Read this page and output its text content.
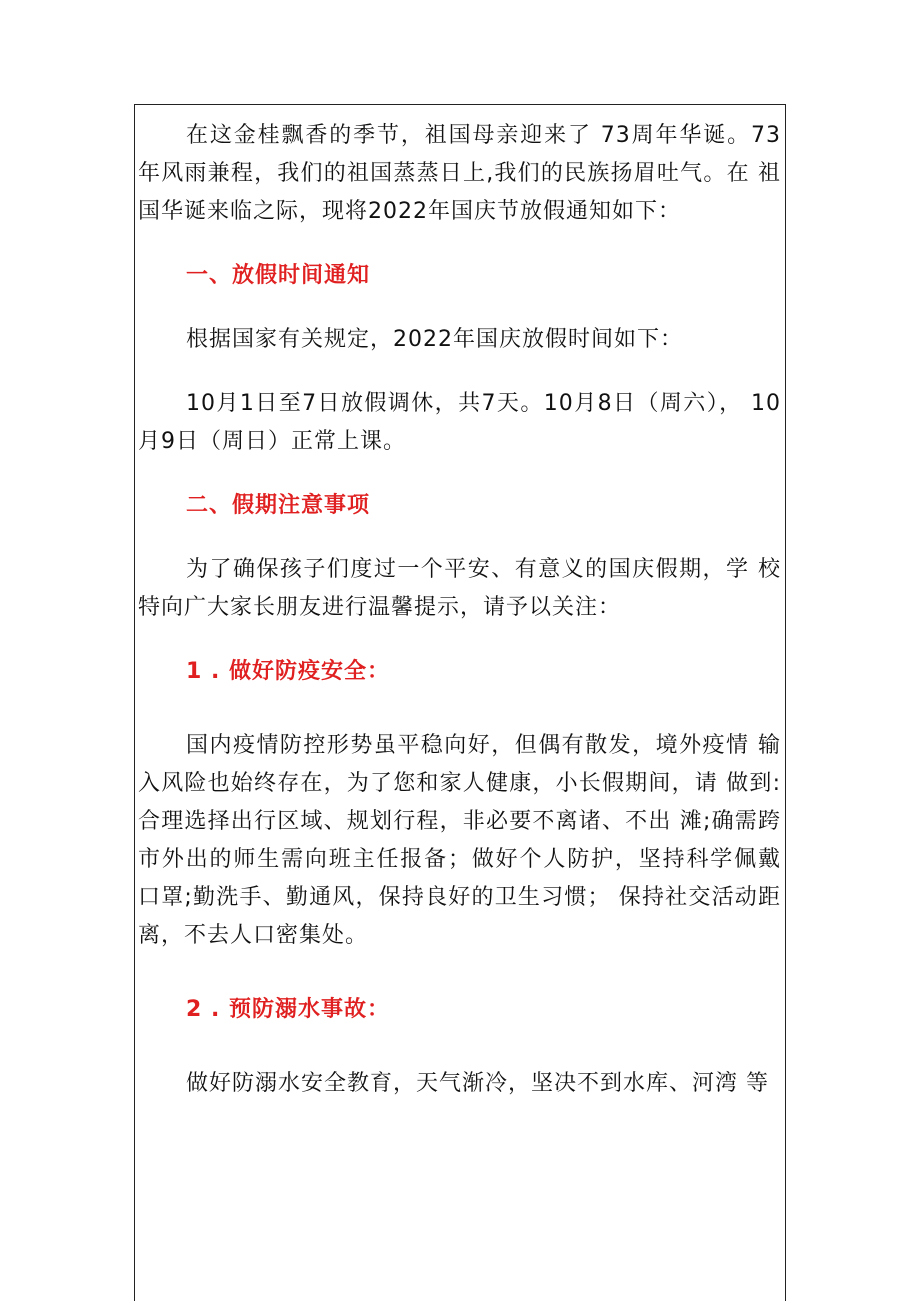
在这金桂飘香的季节，祖国母亲迎来了 73周年华诞。73 年风雨兼程，我们的祖国蒸蒸日上,我们的民族扬眉吐气。在 祖国华诞来临之际，现将2022年国庆节放假通知如下：

一、放假时间通知

根据国家有关规定，2022年国庆放假时间如下：

10月1日至7日放假调休，共7天。10月8日（周六）， 10月9日（周日）正常上课。

二、假期注意事项

为了确保孩子们度过一个平安、有意义的国庆假期，学 校特向广大家长朋友进行温馨提示，请予以关注：

1 . 做好防疫安全：

国内疫情防控形势虽平稳向好，但偶有散发，境外疫情 输入风险也始终存在，为了您和家人健康，小长假期间，请 做到:合理选择出行区域、规划行程，非必要不离诸、不出 滩;确需跨市外出的师生需向班主任报备；做好个人防护，坚持科学佩戴口罩;勤洗手、勤通风，保持良好的卫生习惯； 保持社交活动距离，不去人口密集处。

2 . 预防溺水事故：

做好防溺水安全教育，天气渐冷，坚决不到水库、河湾 等
